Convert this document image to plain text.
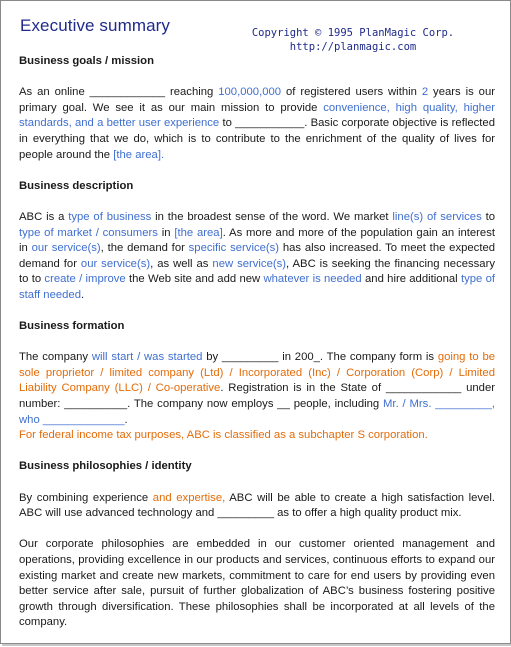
Executive summary	Copyright © 1995 PlanMagic Corp.
http://planmagic.com
Business goals / mission

As an online ____________ reaching 100,000,000 of registered users within 2 years is our primary goal. We see it as our main mission to provide convenience, high quality, higher standards, and a better user experience to ___________. Basic corporate objective is reflected in everything that we do, which is to contribute to the enrichment of the quality of lives for people around the [the area].

Business description

ABC is a type of business in the broadest sense of the word. We market line(s) of services to type of market / consumers in [the area]. As more and more of the population gain an interest in our service(s), the demand for specific service(s) has also increased. To meet the expected demand for our service(s), as well as new service(s), ABC is seeking the financing necessary to to create / improve the Web site and add new whatever is needed and hire additional type of staff needed.

Business formation

The company will start / was started by _________ in 200_. The company form is going to be sole proprietor / limited company (Ltd) / Incorporated (Inc) / Corporation (Corp) / Limited Liability Company (LLC) / Co-operative. Registration is in the State of ____________ under number: __________. The company now employs __ people, including Mr. / Mrs. _________, who _____________.

For federal income tax purposes, ABC is classified as a subchapter S corporation.

Business philosophies / identity

By combining experience and expertise, ABC will be able to create a high satisfaction level. ABC will use advanced technology and _________ as to offer a high quality product mix.

Our corporate philosophies are embedded in our customer oriented management and operations, providing excellence in our products and services, continuous efforts to expand our existing market and create new markets, commitment to care for end users by providing even better service after sale, pursuit of further globalization of ABC’s business fostering positive growth through diversification. These philosophies shall be incorporated at all levels of the company.
